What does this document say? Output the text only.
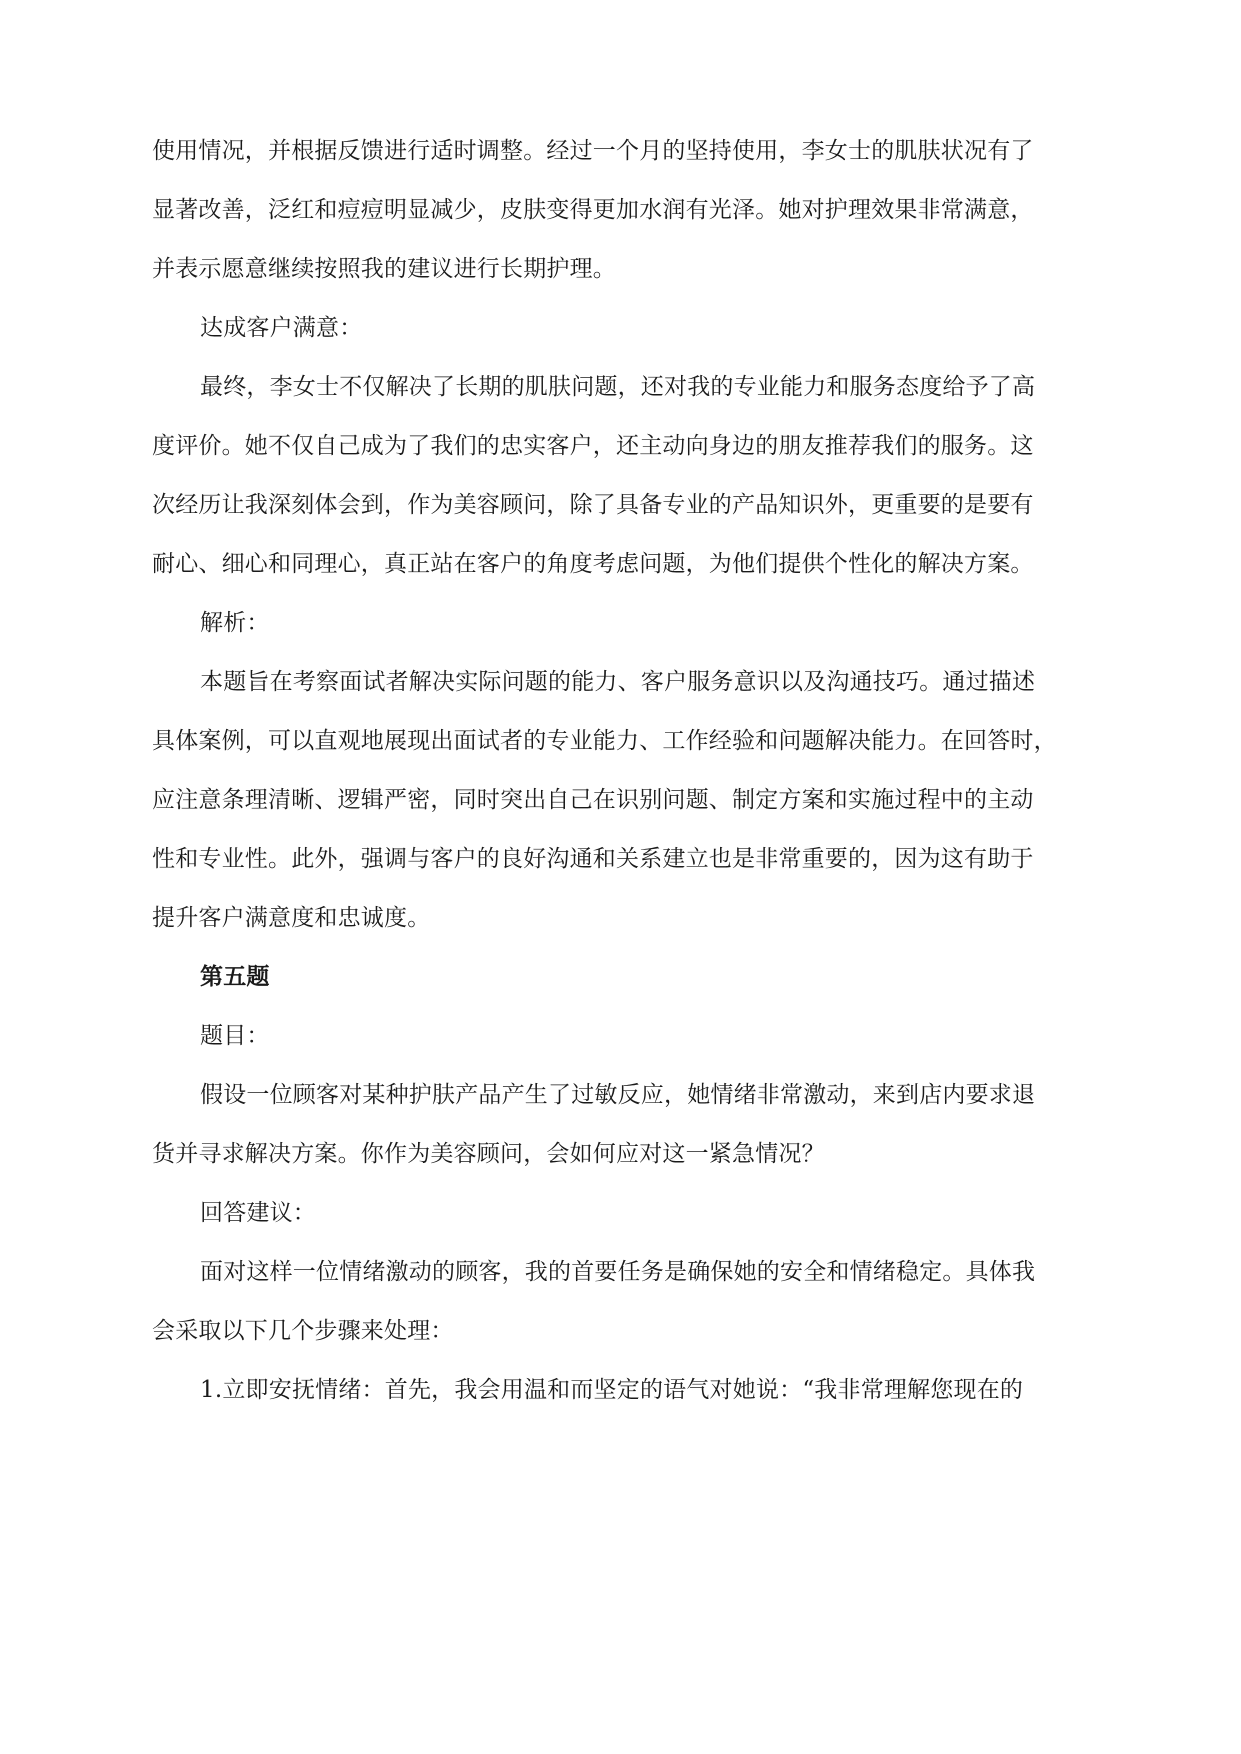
使用情况，并根据反馈进行适时调整。经过一个月的坚持使用，李女士的肌肤状况有了
显著改善，泛红和痘痘明显减少，皮肤变得更加水润有光泽。她对护理效果非常满意，
并表示愿意继续按照我的建议进行长期护理。
达成客户满意：
最终，李女士不仅解决了长期的肌肤问题，还对我的专业能力和服务态度给予了高
度评价。她不仅自己成为了我们的忠实客户，还主动向身边的朋友推荐我们的服务。这
次经历让我深刻体会到，作为美容顾问，除了具备专业的产品知识外，更重要的是要有
耐心、细心和同理心，真正站在客户的角度考虑问题，为他们提供个性化的解决方案。
解析：
本题旨在考察面试者解决实际问题的能力、客户服务意识以及沟通技巧。通过描述
具体案例，可以直观地展现出面试者的专业能力、工作经验和问题解决能力。在回答时，
应注意条理清晰、逻辑严密，同时突出自己在识别问题、制定方案和实施过程中的主动
性和专业性。此外，强调与客户的良好沟通和关系建立也是非常重要的，因为这有助于
提升客户满意度和忠诚度。
第五题
题目：
假设一位顾客对某种护肤产品产生了过敏反应，她情绪非常激动，来到店内要求退
货并寻求解决方案。你作为美容顾问，会如何应对这一紧急情况？
回答建议：
面对这样一位情绪激动的顾客，我的首要任务是确保她的安全和情绪稳定。具体我
会采取以下几个步骤来处理：
1.立即安抚情绪：首先，我会用温和而坚定的语气对她说：“我非常理解您现在的
